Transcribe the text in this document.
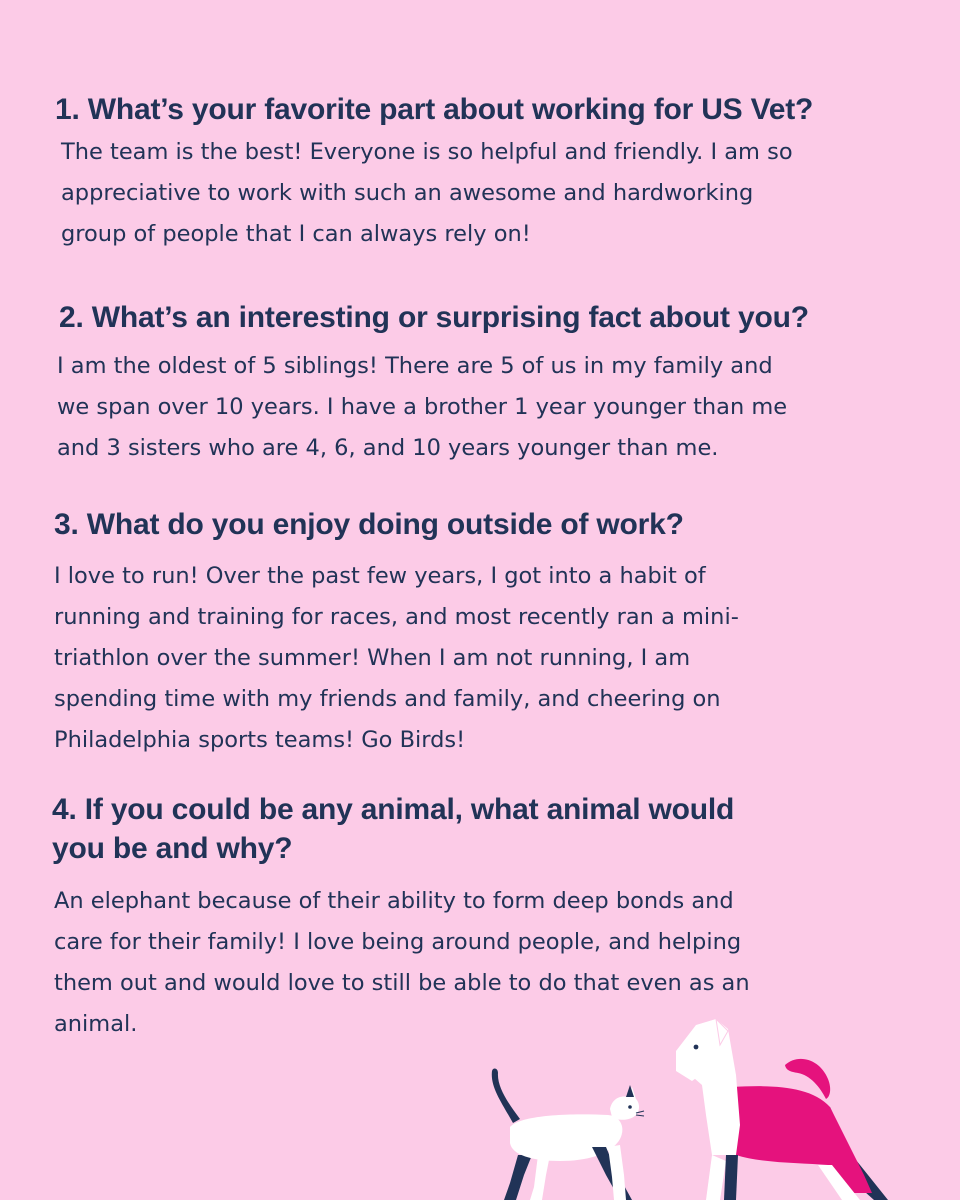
1. What’s your favorite part about working for US Vet?

The team is the best! Everyone is so helpful and friendly. I am so
appreciative to work with such an awesome and hardworking
group of people that I can always rely on!

2. What’s an interesting or surprising fact about you?

I am the oldest of 5 siblings! There are 5 of us in my family and
we span over 10 years. I have a brother 1 year younger than me
and 3 sisters who are 4, 6, and 10 years younger than me.

3. What do you enjoy doing outside of work?

I love to run! Over the past few years, I got into a habit of
running and training for races, and most recently ran a mini-
triathlon over the summer! When I am not running, I am
spending time with my friends and family, and cheering on
Philadelphia sports teams! Go Birds!

4. If you could be any animal, what animal would
you be and why?

An elephant because of their ability to form deep bonds and
care for their family! I love being around people, and helping
them out and would love to still be able to do that even as an
animal.
